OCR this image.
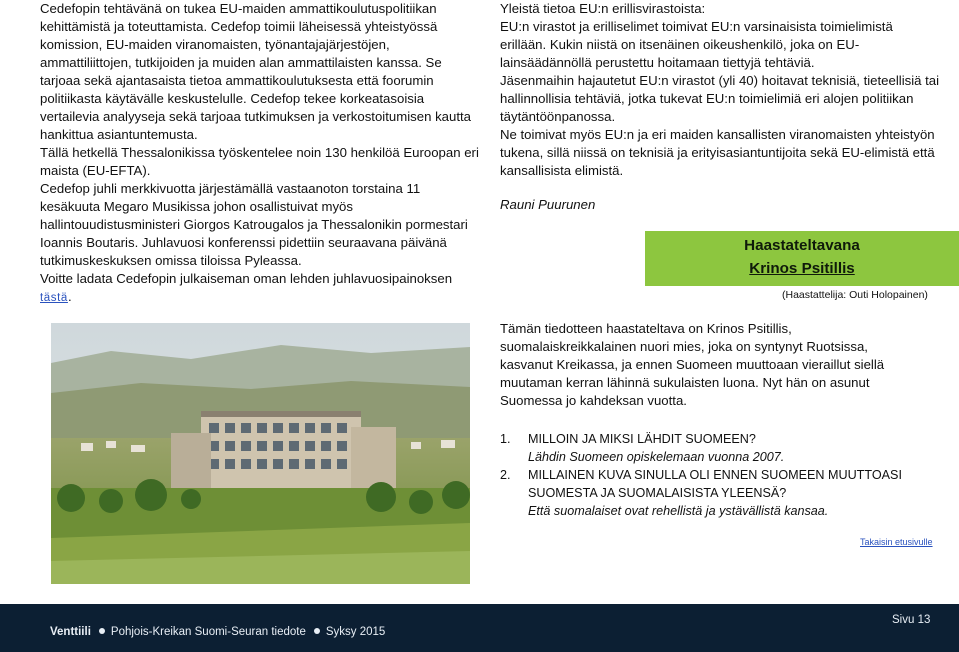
Cedefopin tehtävänä on tukea EU-maiden ammattikoulutuspolitiikan kehittämistä ja toteuttamista. Cedefop toimii läheisessä yhteistyössä komission, EU-maiden viranomaisten, työnantajajärjestöjen, ammattiliittojen, tutkijoiden ja muiden alan ammattilaisten kanssa. Se tarjoaa sekä ajantasaista tietoa ammattikoulutuksesta että foorumin politiikasta käytävälle keskustelulle. Cedefop tekee korkeatasoisia vertailevia analyyseja sekä tarjoaa tutkimuksen ja verkostoitumisen kautta hankittua asiantuntemusta.

Tällä hetkellä Thessalonikissa työskentelee noin 130 henkilöä Euroopan eri maista (EU-EFTA).

Cedefop juhli merkkivuotta järjestämällä vastaanoton torstaina 11 kesäkuuta Megaro Musikissa johon osallistuivat myös hallintouudistusministeri Giorgos Katrougalos ja Thessalonikin pormestari Ioannis Boutaris. Juhlavuosi konferenssi pidettiin seuraavana päivänä tutkimuskeskuksen omissa tiloissa Pyleassa.

Voitte ladata Cedefopin julkaiseman oman lehden juhlavuosipainoksen tästä.

Yleistä tietoa EU:n erillisvirastoista:

EU:n virastot ja erilliselimet toimivat EU:n varsinaisista toimielimistä erillään. Kukin niistä on itsenäinen oikeushenkilö, joka on EU-lainsäädännöllä perustettu hoitamaan tiettyjä tehtäviä.

Jäsenmaihin hajautetut EU:n virastot (yli 40) hoitavat teknisiä, tieteellisiä tai hallinnollisia tehtäviä, jotka tukevat EU:n toimielimiä eri alojen politiikan täytäntöönpanossa.

Ne toimivat myös EU:n ja eri maiden kansallisten viranomaisten yhteistyön tukena, sillä niissä on teknisiä ja erityisasiantuntijoita sekä EU-elimistä että kansallisista elimistä.

Rauni Puurunen

Haastateltavana
Krinos Psitillis
(Haastattelija: Outi Holopainen)

Tämän tiedotteen haastateltava on Krinos Psitillis, suomalaiskreikkalainen nuori mies, joka on syntynyt Ruotsissa, kasvanut Kreikassa, ja ennen Suomeen muuttoaan vieraillut siellä muutaman kerran lähinnä sukulaisten luona. Nyt hän on asunut Suomessa jo kahdeksan vuotta.

1. MILLOIN JA MIKSI LÄHDIT SUOMEEN?
Lähdin Suomeen opiskelemaan vuonna 2007.
2. MILLAINEN KUVA SINULLA OLI ENNEN SUOMEEN MUUTTOASI SUOMESTA JA SUOMALAISISTA YLEENSÄ?
Että suomalaiset ovat rehellistä ja ystävällistä kansaa.
Takaisin etusivulle
Venttiili Pohjois-Kreikan Suomi-Seuran tiedote Syksy 2015
Sivu 13
